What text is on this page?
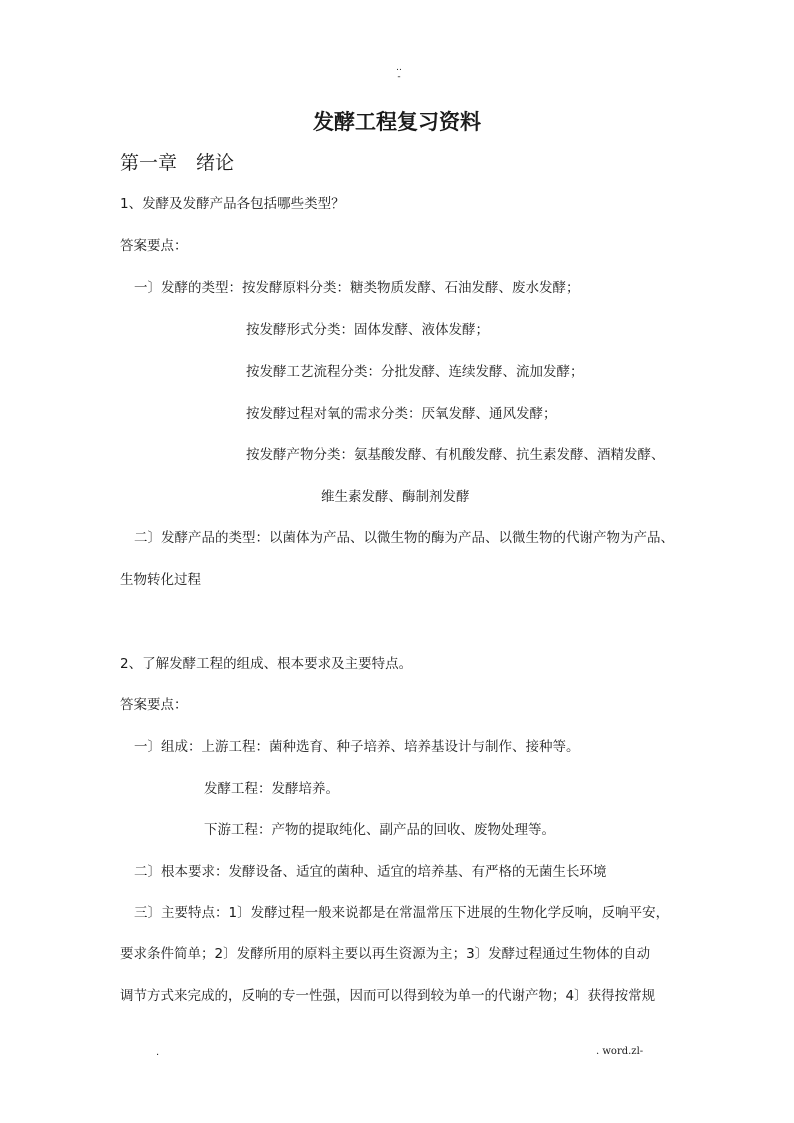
..
-
发酵工程复习资料
第一章　绪论
1、发酵及发酵产品各包括哪些类型？
答案要点：
一〕发酵的类型：按发酵原料分类：糖类物质发酵、石油发酵、废水发酵；
按发酵形式分类：固体发酵、液体发酵；
按发酵工艺流程分类：分批发酵、连续发酵、流加发酵；
按发酵过程对氧的需求分类：厌氧发酵、通风发酵；
按发酵产物分类：氨基酸发酵、有机酸发酵、抗生素发酵、酒精发酵、
维生素发酵、酶制剂发酵
二〕发酵产品的类型：以菌体为产品、以微生物的酶为产品、以微生物的代谢产物为产品、
生物转化过程
2、了解发酵工程的组成、根本要求及主要特点。
答案要点：
一〕组成：上游工程：菌种选育、种子培养、培养基设计与制作、接种等。
发酵工程：发酵培养。
下游工程：产物的提取纯化、副产品的回收、废物处理等。
二〕根本要求：发酵设备、适宜的菌种、适宜的培养基、有严格的无菌生长环境
三〕主要特点：1〕发酵过程一般来说都是在常温常压下进展的生物化学反响，反响平安，
要求条件简单；2〕发酵所用的原料主要以再生资源为主；3〕发酵过程通过生物体的自动
调节方式来完成的，反响的专一性强，因而可以得到较为单一的代谢产物；4〕获得按常规
.	. word.zl-
